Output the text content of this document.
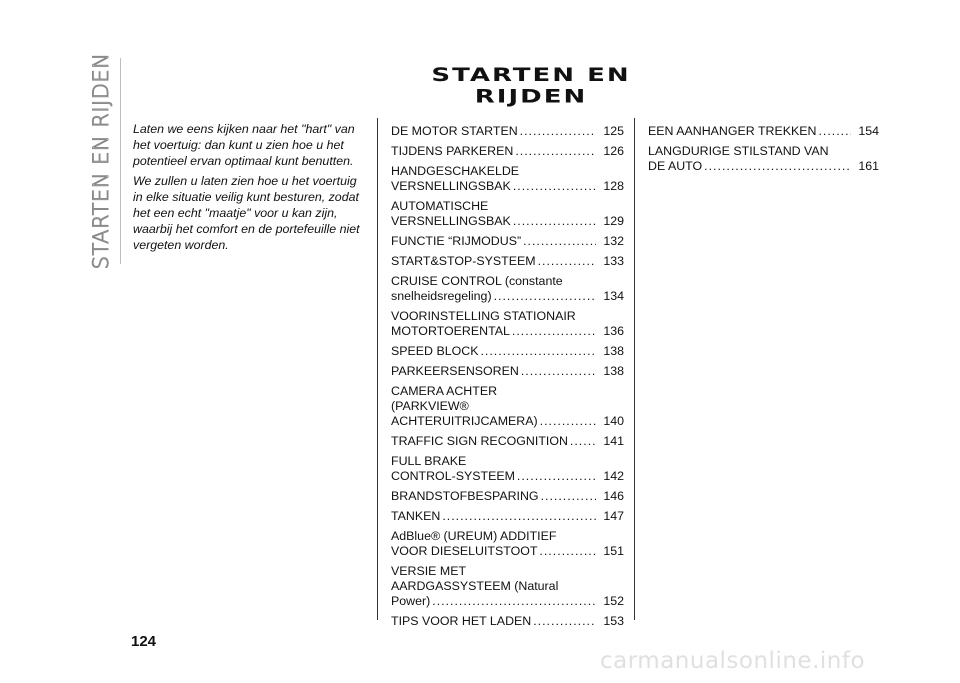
STARTEN EN RIJDEN	STARTEN EN RIJDEN

Laten we eens kijken naar het "hart" van het voertuig: dan kunt u zien hoe u het potentieel ervan optimaal kunt benutten.

We zullen u laten zien hoe u het voertuig in elke situatie veilig kunt besturen, zodat het een echt "maatje" voor u kan zijn, waarbij het comfort en de portefeuille niet vergeten worden.

DE MOTOR STARTEN .....	125
TIJDENS PARKEREN .....	126
HANDGESCHAKELDE
VERSNELLINGSBAK .....	128
AUTOMATISCHE
VERSNELLINGSBAK .....	129
FUNCTIE “RIJMODUS” .....	132
START&STOP-SYSTEEM .....	133
CRUISE CONTROL (constante
snelheidsregeling) .....	134
VOORINSTELLING STATIONAIR
MOTORTOERENTAL .....	136
SPEED BLOCK .....	138
PARKEERSENSOREN .....	138
CAMERA ACHTER
(PARKVIEW®
ACHTERUITRIJCAMERA) .....	140
TRAFFIC SIGN RECOGNITION .....	141
FULL BRAKE
CONTROL-SYSTEEM .....	142
BRANDSTOFBESPARING .....	146
TANKEN .....	147
AdBlue® (UREUM) ADDITIEF
VOOR DIESELUITSTOOT .....	151
VERSIE MET
AARDGASSYSTEEM (Natural
Power) .....	152
TIPS VOOR HET LADEN .....	153
EEN AANHANGER TREKKEN .....	154
LANGDURIGE STILSTAND VAN
DE AUTO .....	161
124
carmanualsonline.info
